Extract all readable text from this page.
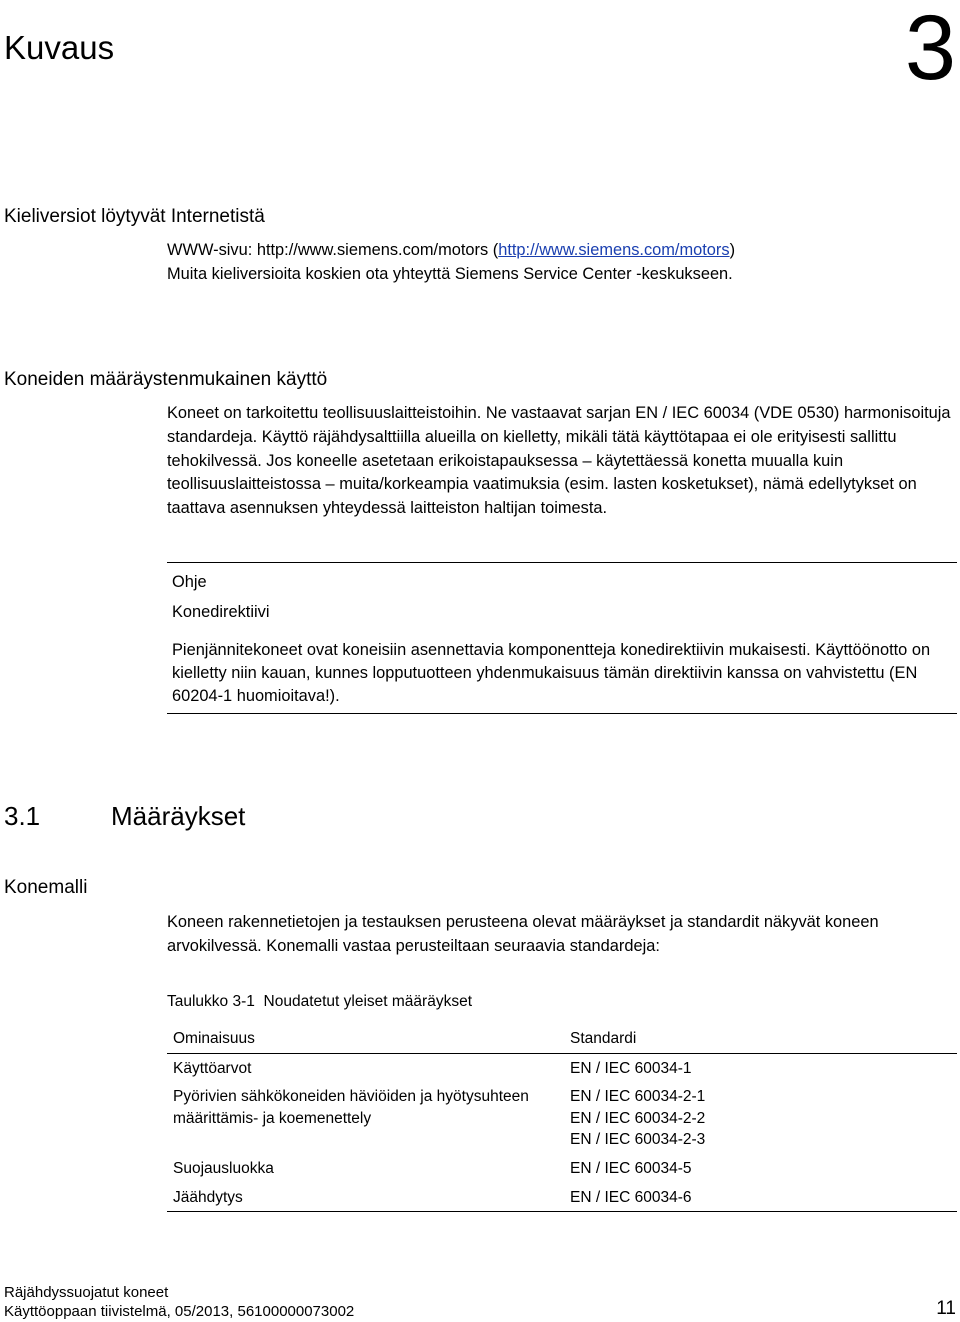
Kuvaus	3
Kieliversiot löytyvät Internetistä

WWW-sivu: http://www.siemens.com/motors (http://www.siemens.com/motors)

Muita kieliversioita koskien ota yhteyttä Siemens Service Center -keskukseen.

Koneiden määräystenmukainen käyttö

Koneet on tarkoitettu teollisuuslaitteistoihin. Ne vastaavat sarjan EN / IEC 60034 (VDE 0530) harmonisoituja standardeja. Käyttö räjähdysalttiilla alueilla on kielletty, mikäli tätä käyttötapaa ei ole erityisesti sallittu tehokilvessä. Jos koneelle asetetaan erikoistapauksessa – käytettäessä konetta muualla kuin teollisuuslaitteistossa – muita/korkeampia vaatimuksia (esim. lasten kosketukset), nämä edellytykset on taattava asennuksen yhteydessä laitteiston haltijan toimesta.

Ohje
Konedirektiivi
Pienjännitekoneet ovat koneisiin asennettavia komponentteja konedirektiivin mukaisesti. Käyttöönotto on kielletty niin kauan, kunnes lopputuotteen yhdenmukaisuus tämän direktiivin kanssa on vahvistettu (EN 60204-1 huomioitava!).
3.1	Määräykset
Konemalli

Koneen rakennetietojen ja testauksen perusteena olevat määräykset ja standardit näkyvät koneen arvokilvessä. Konemalli vastaa perusteiltaan seuraavia standardeja:

Taulukko 3-1 Noudatetut yleiset määräykset
Ominaisuus	Standardi
Käyttöarvot	EN / IEC 60034-1

Pyörivien sähkökoneiden häviöiden ja hyötysuhteen määrittämis- ja koemenettely	EN / IEC 60034-2-1
EN / IEC 60034-2-2
EN / IEC 60034-2-3

Suojausluokka	EN / IEC 60034-5

Jäähdytys	EN / IEC 60034-6
Räjähdyssuojatut koneet
Käyttöoppaan tiivistelmä, 05/2013, 56100000073002	11
